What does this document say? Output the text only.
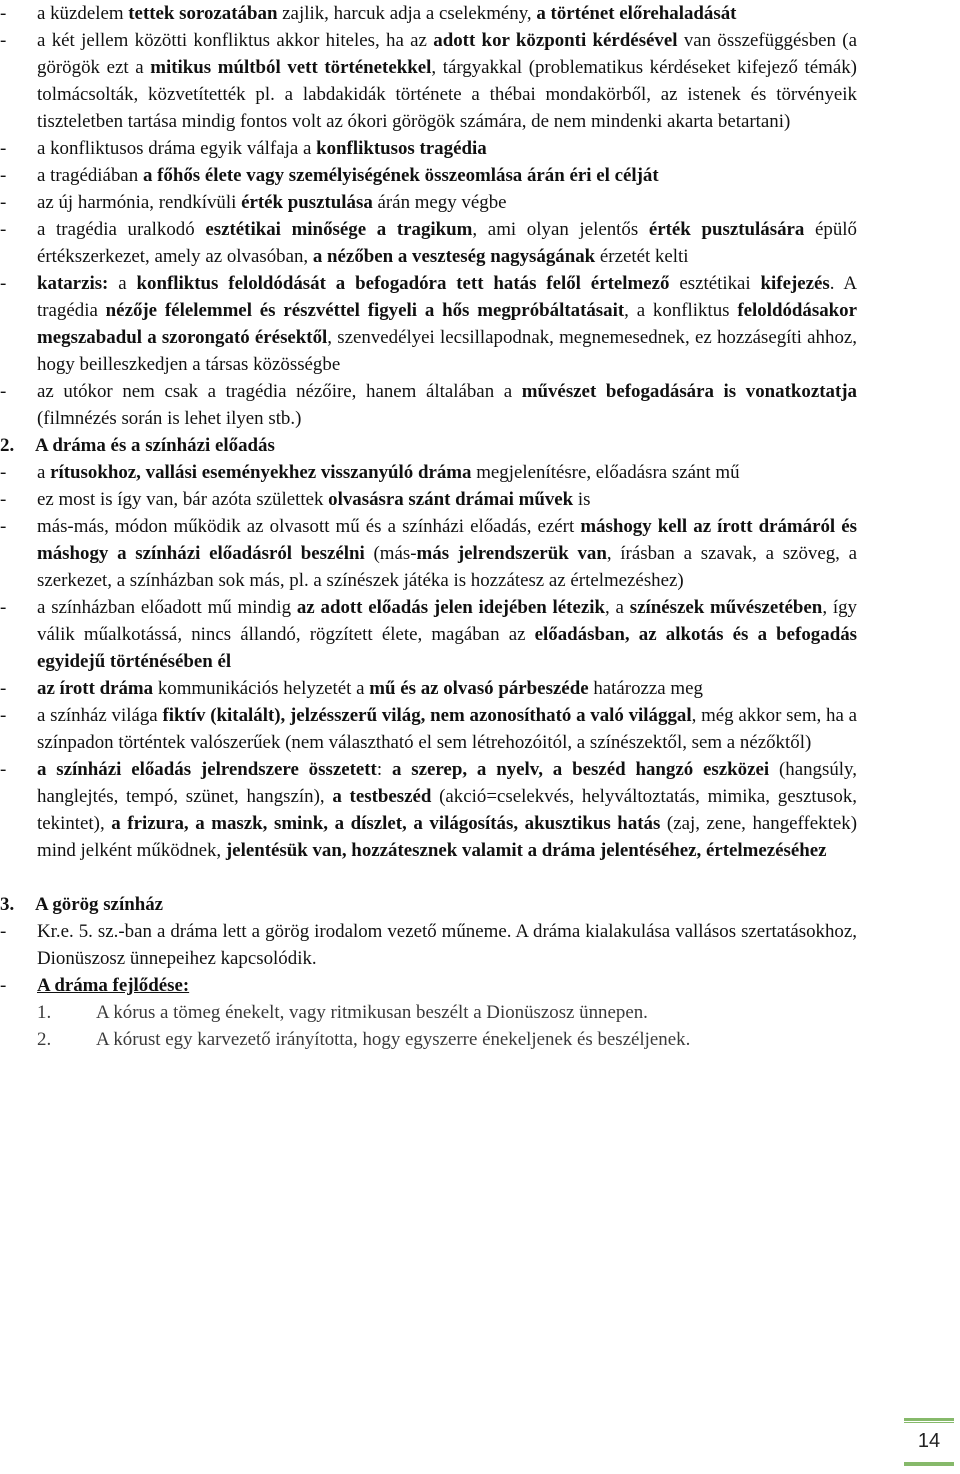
-	a küzdelem tettek sorozatában zajlik, harcuk adja a cselekmény, a történet előrehaladását
-	a két jellem közötti konfliktus akkor hiteles, ha az adott kor központi kérdésével van összefüggésben (a görögök ezt a mitikus múltból vett történetekkel, tárgyakkal (problematikus kérdéseket kifejező témák) tolmácsolták, közvetítették pl. a labdakidák története a thébai mondakörből, az istenek és törvényeik tiszteletben tartása mindig fontos volt az ókori görögök számára, de nem mindenki akarta betartani)
-	a konfliktusos dráma egyik válfaja a konfliktusos tragédia
-	a tragédiában a főhős élete vagy személyiségének összeomlása árán éri el célját
-	az új harmónia, rendkívüli érték pusztulása árán megy végbe
-	a tragédia uralkodó esztétikai minősége a tragikum, ami olyan jelentős érték pusztulására épülő értékszerkezet, amely az olvasóban, a nézőben a veszteség nagyságának érzetét kelti
-	katarzis: a konfliktus feloldódását a befogadóra tett hatás felől értelmező esztétikai kifejezés. A tragédia nézője félelemmel és részvéttel figyeli a hős megpróbáltatásait, a konfliktus feloldódásakor megszabadul a szorongató érésektől, szenvedélyei lecsillapodnak, megnemesednek, ez hozzásegíti ahhoz, hogy beilleszkedjen a társas közösségbe
-	az utókor nem csak a tragédia nézőire, hanem általában a művészet befogadására is vonatkoztatja (filmnézés során is lehet ilyen stb.)
2. A dráma és a színházi előadás
-	a rítusokhoz, vallási eseményekhez visszanyúló dráma megjelenítésre, előadásra szánt mű
-	ez most is így van, bár azóta születtek olvasásra szánt drámai művek is
-	más-más, módon működik az olvasott mű és a színházi előadás, ezért máshogy kell az írott drámáról és máshogy a színházi előadásról beszélni (más-más jelrendszerük van, írásban a szavak, a szöveg, a szerkezet, a színházban sok más, pl. a színészek játéka is hozzátesz az értelmezéshez)
-	a színházban előadott mű mindig az adott előadás jelen idejében létezik, a színészek művészetében, így válik műalkotássá, nincs állandó, rögzített élete, magában az előadásban, az alkotás és a befogadás egyidejű történésében él
-	az írott dráma kommunikációs helyzetét a mű és az olvasó párbeszéde határozza meg
-	a színház világa fiktív (kitalált), jelzésszerű világ, nem azonosítható a való világgal, még akkor sem, ha a színpadon történtek valószerűek (nem választható el sem létrehozóitól, a színészektől, sem a nézőktől)
-	a színházi előadás jelrendszere összetett: a szerep, a nyelv, a beszéd hangzó eszközei (hangsúly, hanglejtés, tempó, szünet, hangszín), a testbeszéd (akció=cselekvés, helyváltoztatás, mimika, gesztusok, tekintet), a frizura, a maszk, smink, a díszlet, a világosítás, akusztikus hatás (zaj, zene, hangeffektek) mind jelként működnek, jelentésük van, hozzátesznek valamit a dráma jelentéséhez, értelmezéséhez
3. A görög színház
-	Kr.e. 5. sz.-ban a dráma lett a görög irodalom vezető műneme. A dráma kialakulása vallásos szertatásokhoz, Dionüszosz ünnepeihez kapcsolódik.
-	A dráma fejlődése:
1. A kórus a tömeg énekelt, vagy ritmikusan beszélt a Dionüszosz ünnepen.
2. A kórust egy karvezető irányította, hogy egyszerre énekeljenek és beszéljenek.
14
